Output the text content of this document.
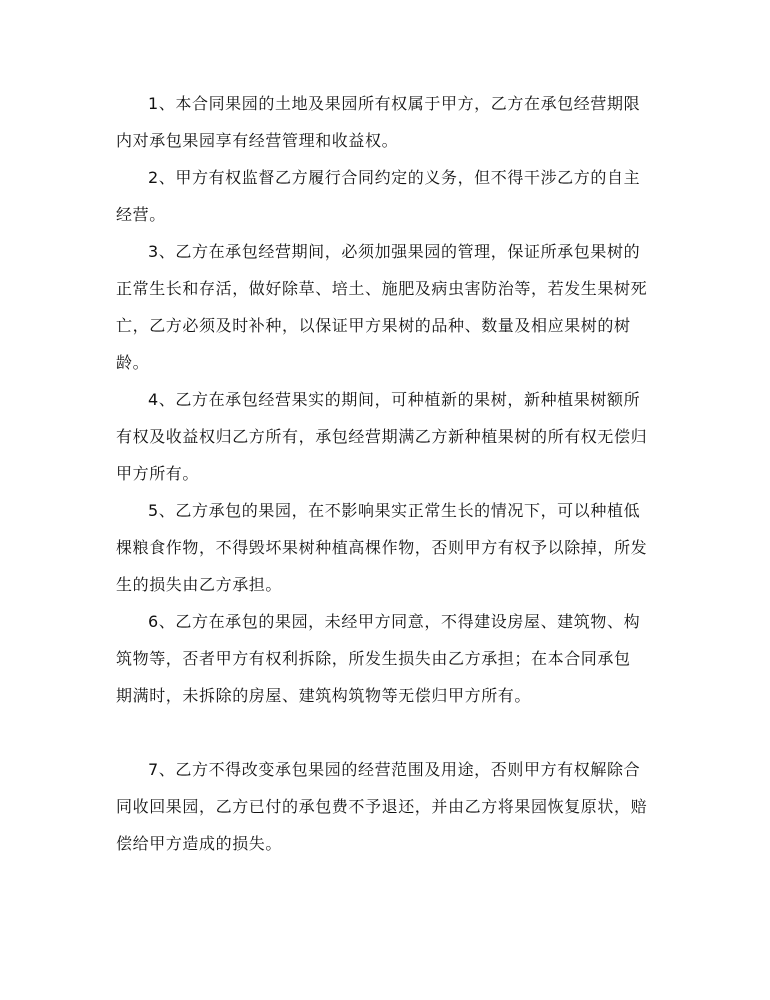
1、本合同果园的土地及果园所有权属于甲方，乙方在承包经营期限内对承包果园享有经营管理和收益权。

2、甲方有权监督乙方履行合同约定的义务，但不得干涉乙方的自主经营。

3、乙方在承包经营期间，必须加强果园的管理，保证所承包果树的正常生长和存活，做好除草、培土、施肥及病虫害防治等，若发生果树死亡，乙方必须及时补种，以保证甲方果树的品种、数量及相应果树的树龄。

4、乙方在承包经营果实的期间，可种植新的果树，新种植果树额所有权及收益权归乙方所有，承包经营期满乙方新种植果树的所有权无偿归甲方所有。

5、乙方承包的果园，在不影响果实正常生长的情况下，可以种植低棵粮食作物，不得毁坏果树种植高棵作物，否则甲方有权予以除掉，所发生的损失由乙方承担。

6、乙方在承包的果园，未经甲方同意，不得建设房屋、建筑物、构筑物等，否者甲方有权利拆除，所发生损失由乙方承担；在本合同承包期满时，未拆除的房屋、建筑构筑物等无偿归甲方所有。

7、乙方不得改变承包果园的经营范围及用途，否则甲方有权解除合同收回果园，乙方已付的承包费不予退还，并由乙方将果园恢复原状，赔偿给甲方造成的损失。
